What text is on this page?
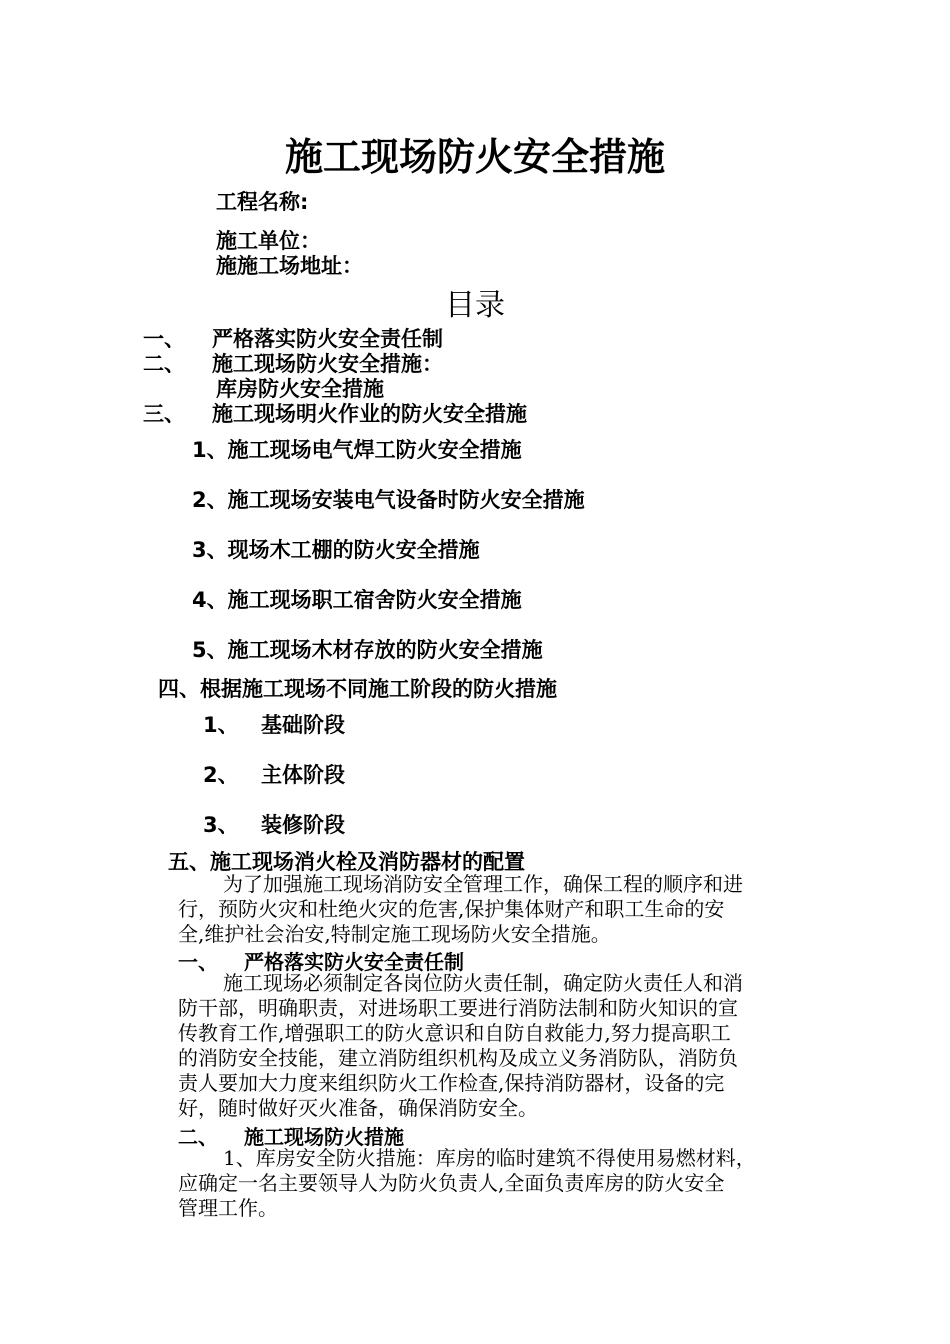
施工现场防火安全措施
工程名称:
施工单位：
施施工场地址：
目录
一、 严格落实防火安全责任制
二、 施工现场防火安全措施：
库房防火安全措施
三、 施工现场明火作业的防火安全措施
1、施工现场电气焊工防火安全措施
2、施工现场安装电气设备时防火安全措施
3、现场木工棚的防火安全措施
4、施工现场职工宿舍防火安全措施
5、施工现场木材存放的防火安全措施
四、根据施工现场不同施工阶段的防火措施
1、 基础阶段
2、 主体阶段
3、 装修阶段
五、施工现场消火栓及消防器材的配置
为了加强施工现场消防安全管理工作，确保工程的顺序和进
行，预防火灾和杜绝火灾的危害,保护集体财产和职工生命的安
全,维护社会治安,特制定施工现场防火安全措施。
一、 严格落实防火安全责任制
施工现场必须制定各岗位防火责任制，确定防火责任人和消
防干部，明确职责，对进场职工要进行消防法制和防火知识的宣
传教育工作,增强职工的防火意识和自防自救能力,努力提高职工
的消防安全技能，建立消防组织机构及成立义务消防队，消防负
责人要加大力度来组织防火工作检查,保持消防器材，设备的完
好，随时做好灭火准备，确保消防安全。
二、 施工现场防火措施
1、库房安全防火措施：库房的临时建筑不得使用易燃材料，
应确定一名主要领导人为防火负责人,全面负责库房的防火安全
管理工作。
